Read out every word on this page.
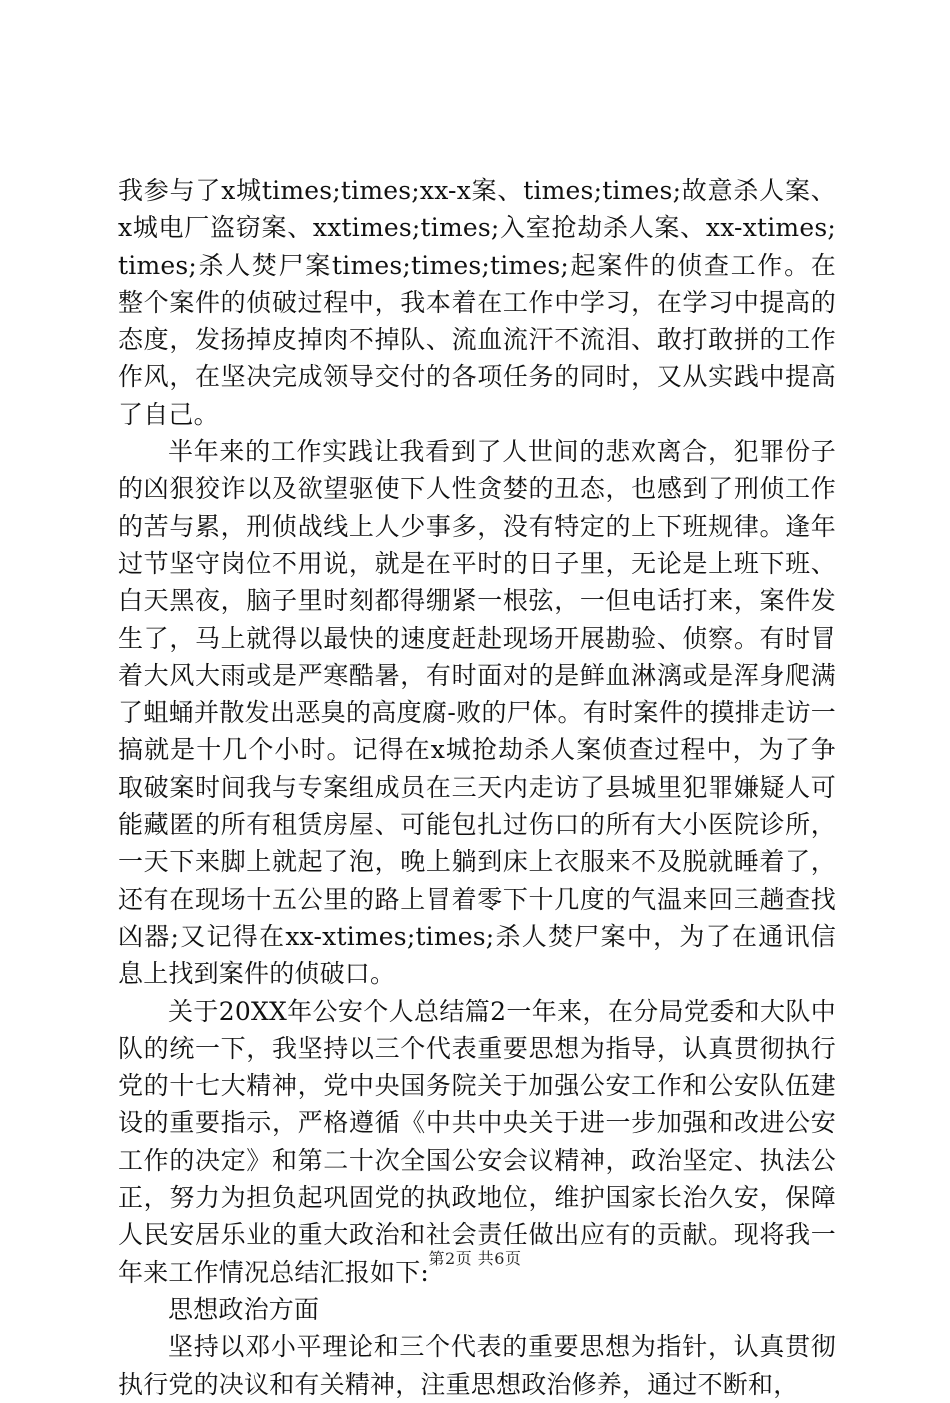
我参与了x城times;times;xx-x案、times;times;故意杀人案、x城电厂盗窃案、xxtimes;times;入室抢劫杀人案、xx-xtimes;times;杀人焚尸案times;times;times;起案件的侦查工作。在整个案件的侦破过程中，我本着在工作中学习，在学习中提高的态度，发扬掉皮掉肉不掉队、流血流汗不流泪、敢打敢拼的工作作风，在坚决完成领导交付的各项任务的同时，又从实践中提高了自己。

半年来的工作实践让我看到了人世间的悲欢离合，犯罪份子的凶狠狡诈以及欲望驱使下人性贪婪的丑态，也感到了刑侦工作的苦与累，刑侦战线上人少事多，没有特定的上下班规律。逢年过节坚守岗位不用说，就是在平时的日子里，无论是上班下班、白天黑夜，脑子里时刻都得绷紧一根弦，一但电话打来，案件发生了，马上就得以最快的速度赶赴现场开展勘验、侦察。有时冒着大风大雨或是严寒酷暑，有时面对的是鲜血淋漓或是浑身爬满了蛆蛹并散发出恶臭的高度腐-败的尸体。有时案件的摸排走访一搞就是十几个小时。记得在x城抢劫杀人案侦查过程中，为了争取破案时间我与专案组成员在三天内走访了县城里犯罪嫌疑人可能藏匿的所有租赁房屋、可能包扎过伤口的所有大小医院诊所，一天下来脚上就起了泡，晚上躺到床上衣服来不及脱就睡着了，还有在现场十五公里的路上冒着零下十几度的气温来回三趟查找凶器;又记得在xx-xtimes;times;杀人焚尸案中，为了在通讯信息上找到案件的侦破口。

关于20XX年公安个人总结篇2一年来，在分局党委和大队中队的统一下，我坚持以三个代表重要思想为指导，认真贯彻执行党的十七大精神，党中央国务院关于加强公安工作和公安队伍建设的重要指示，严格遵循《中共中央关于进一步加强和改进公安工作的决定》和第二十次全国公安会议精神，政治坚定、执法公正，努力为担负起巩固党的执政地位，维护国家长治久安，保障人民安居乐业的重大政治和社会责任做出应有的贡献。现将我一年来工作情况总结汇报如下:

思想政治方面

坚持以邓小平理论和三个代表的重要思想为指针，认真贯彻执行党的决议和有关精神，注重思想政治修养，通过不断和，

第2页 共6页
